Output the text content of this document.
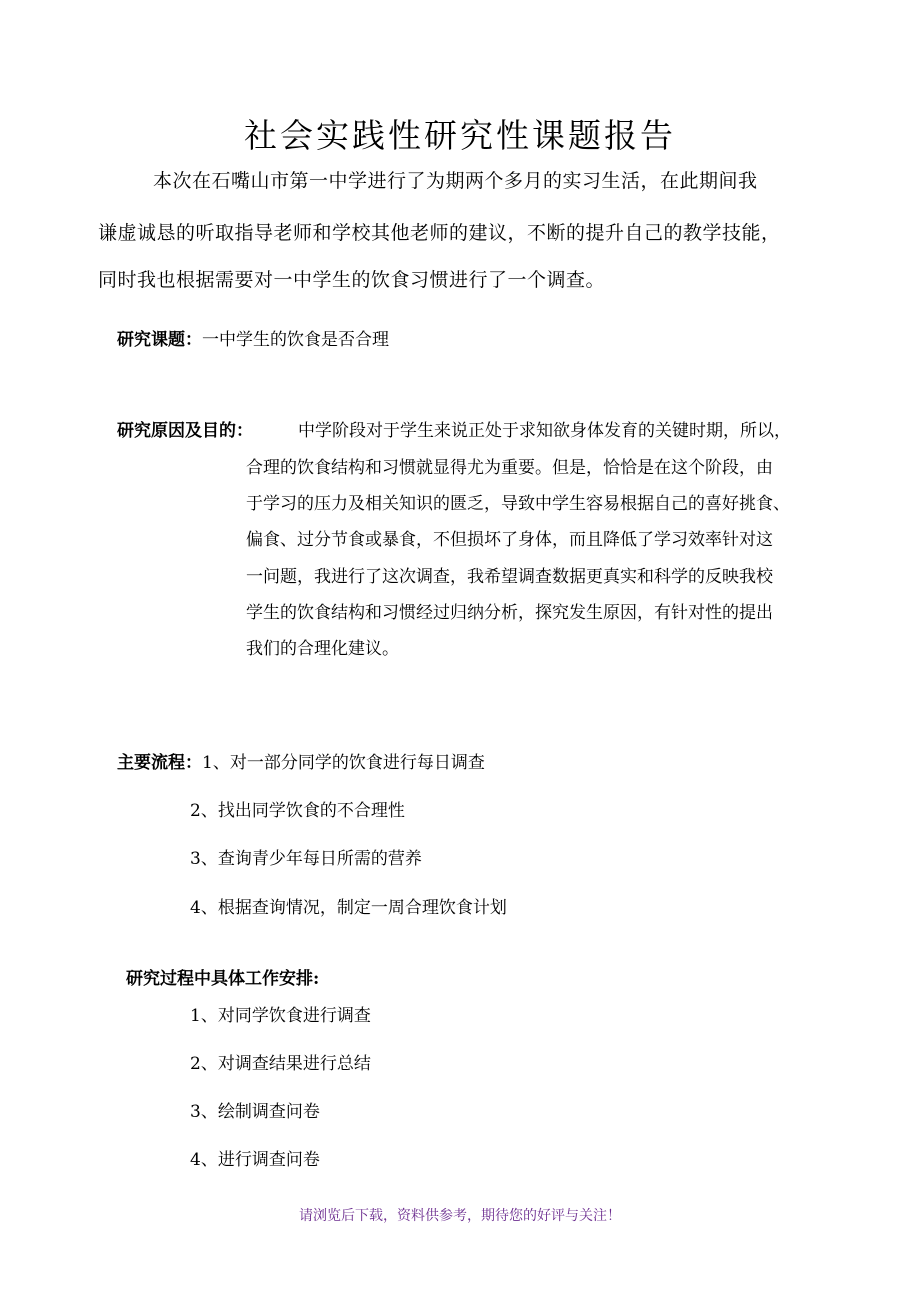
社会实践性研究性课题报告
本次在石嘴山市第一中学进行了为期两个多月的实习生活，在此期间我
谦虚诚恳的听取指导老师和学校其他老师的建议，不断的提升自己的教学技能，
同时我也根据需要对一中学生的饮食习惯进行了一个调查。
研究课题：一中学生的饮食是否合理
研究原因及目的：	中学阶段对于学生来说正处于求知欲身体发育的关键时期，所以，
合理的饮食结构和习惯就显得尤为重要。但是，恰恰是在这个阶段，由
于学习的压力及相关知识的匮乏，导致中学生容易根据自己的喜好挑食、
偏食、过分节食或暴食，不但损坏了身体，而且降低了学习效率针对这
一问题，我进行了这次调查，我希望调查数据更真实和科学的反映我校
学生的饮食结构和习惯经过归纳分析，探究发生原因，有针对性的提出
我们的合理化建议。
主要流程：1、对一部分同学的饮食进行每日调查
2、找出同学饮食的不合理性
3、查询青少年每日所需的营养
4、根据查询情况，制定一周合理饮食计划
研究过程中具体工作安排:
1、对同学饮食进行调查
2、对调查结果进行总结
3、绘制调查问卷
4、进行调查问卷
请浏览后下载，资料供参考，期待您的好评与关注！
